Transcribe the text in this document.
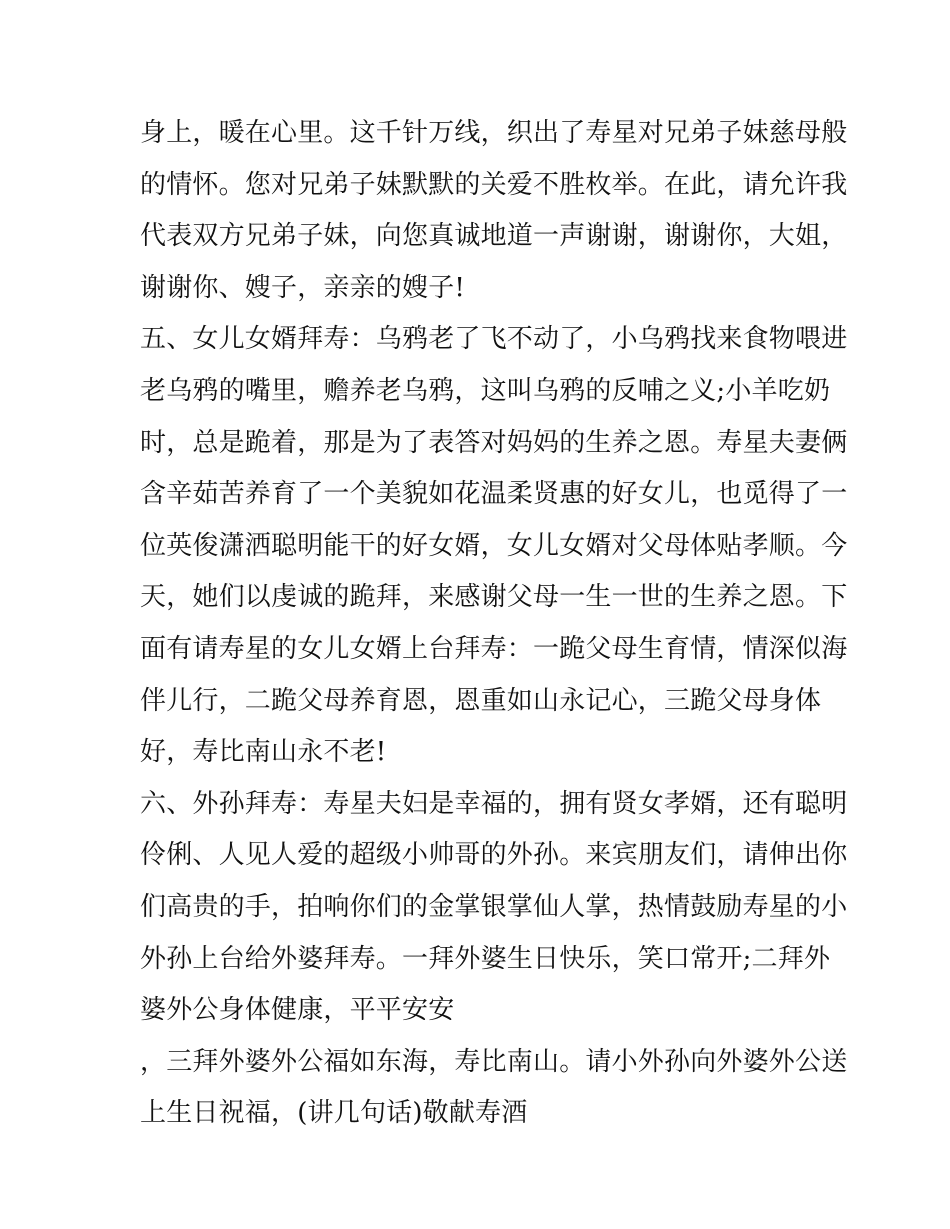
身上，暖在心里。这千针万线，织出了寿星对兄弟子妹慈母般
的情怀。您对兄弟子妹默默的关爱不胜枚举。在此，请允许我
代表双方兄弟子妹，向您真诚地道一声谢谢，谢谢你，大姐，
谢谢你、嫂子，亲亲的嫂子!
五、女儿女婿拜寿：乌鸦老了飞不动了，小乌鸦找来食物喂进
老乌鸦的嘴里，赡养老乌鸦，这叫乌鸦的反哺之义;小羊吃奶
时，总是跪着，那是为了表答对妈妈的生养之恩。寿星夫妻俩
含辛茹苦养育了一个美貌如花温柔贤惠的好女儿，也觅得了一
位英俊潇洒聪明能干的好女婿，女儿女婿对父母体贴孝顺。今
天，她们以虔诚的跪拜，来感谢父母一生一世的生养之恩。下
面有请寿星的女儿女婿上台拜寿：一跪父母生育情，情深似海
伴儿行，二跪父母养育恩，恩重如山永记心，三跪父母身体
好，寿比南山永不老!
六、外孙拜寿：寿星夫妇是幸福的，拥有贤女孝婿，还有聪明
伶俐、人见人爱的超级小帅哥的外孙。来宾朋友们，请伸出你
们高贵的手，拍响你们的金掌银掌仙人掌，热情鼓励寿星的小
外孙上台给外婆拜寿。一拜外婆生日快乐，笑口常开;二拜外
婆外公身体健康，平平安安
，三拜外婆外公福如东海，寿比南山。请小外孙向外婆外公送
上生日祝福，(讲几句话)敬献寿酒
